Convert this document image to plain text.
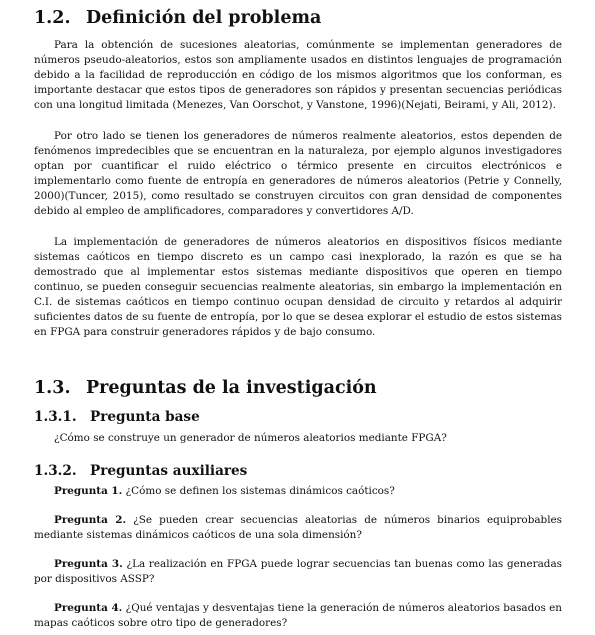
1.2. Definición del problema

Para la obtención de sucesiones aleatorias, comúnmente se implementan generadores de números pseudo-aleatorios, estos son ampliamente usados en distintos lenguajes de programación debido a la facilidad de reproducción en código de los mismos algoritmos que los conforman, es importante destacar que estos tipos de generadores son rápidos y presentan secuencias periódicas con una longitud limitada (Menezes, Van Oorschot, y Vanstone, 1996)(Nejati, Beirami, y Ali, 2012).

Por otro lado se tienen los generadores de números realmente aleatorios, estos dependen de fenómenos impredecibles que se encuentran en la naturaleza, por ejemplo algunos investigadores optan por cuantificar el ruido eléctrico o térmico presente en circuitos electrónicos e implementarlo como fuente de entropía en generadores de números aleatorios (Petrie y Connelly, 2000)(Tuncer, 2015), como resultado se construyen circuitos con gran densidad de componentes debido al empleo de amplificadores, comparadores y convertidores A/D.

La implementación de generadores de números aleatorios en dispositivos físicos mediante sistemas caóticos en tiempo discreto es un campo casi inexplorado, la razón es que se ha demostrado que al implementar estos sistemas mediante dispositivos que operen en tiempo continuo, se pueden conseguir secuencias realmente aleatorias, sin embargo la implementación en C.I. de sistemas caóticos en tiempo continuo ocupan densidad de circuito y retardos al adquirir suficientes datos de su fuente de entropía, por lo que se desea explorar el estudio de estos sistemas en FPGA para construir generadores rápidos y de bajo consumo.

1.3. Preguntas de la investigación
1.3.1. Pregunta base

¿Cómo se construye un generador de números aleatorios mediante FPGA?

1.3.2. Preguntas auxiliares
Pregunta 1. ¿Cómo se definen los sistemas dinámicos caóticos?
Pregunta 2. ¿Se pueden crear secuencias aleatorias de números binarios equiprobables mediante sistemas dinámicos caóticos de una sola dimensión?
Pregunta 3. ¿La realización en FPGA puede lograr secuencias tan buenas como las generadas por dispositivos ASSP?
Pregunta 4. ¿Qué ventajas y desventajas tiene la generación de números aleatorios basados en mapas caóticos sobre otro tipo de generadores?
